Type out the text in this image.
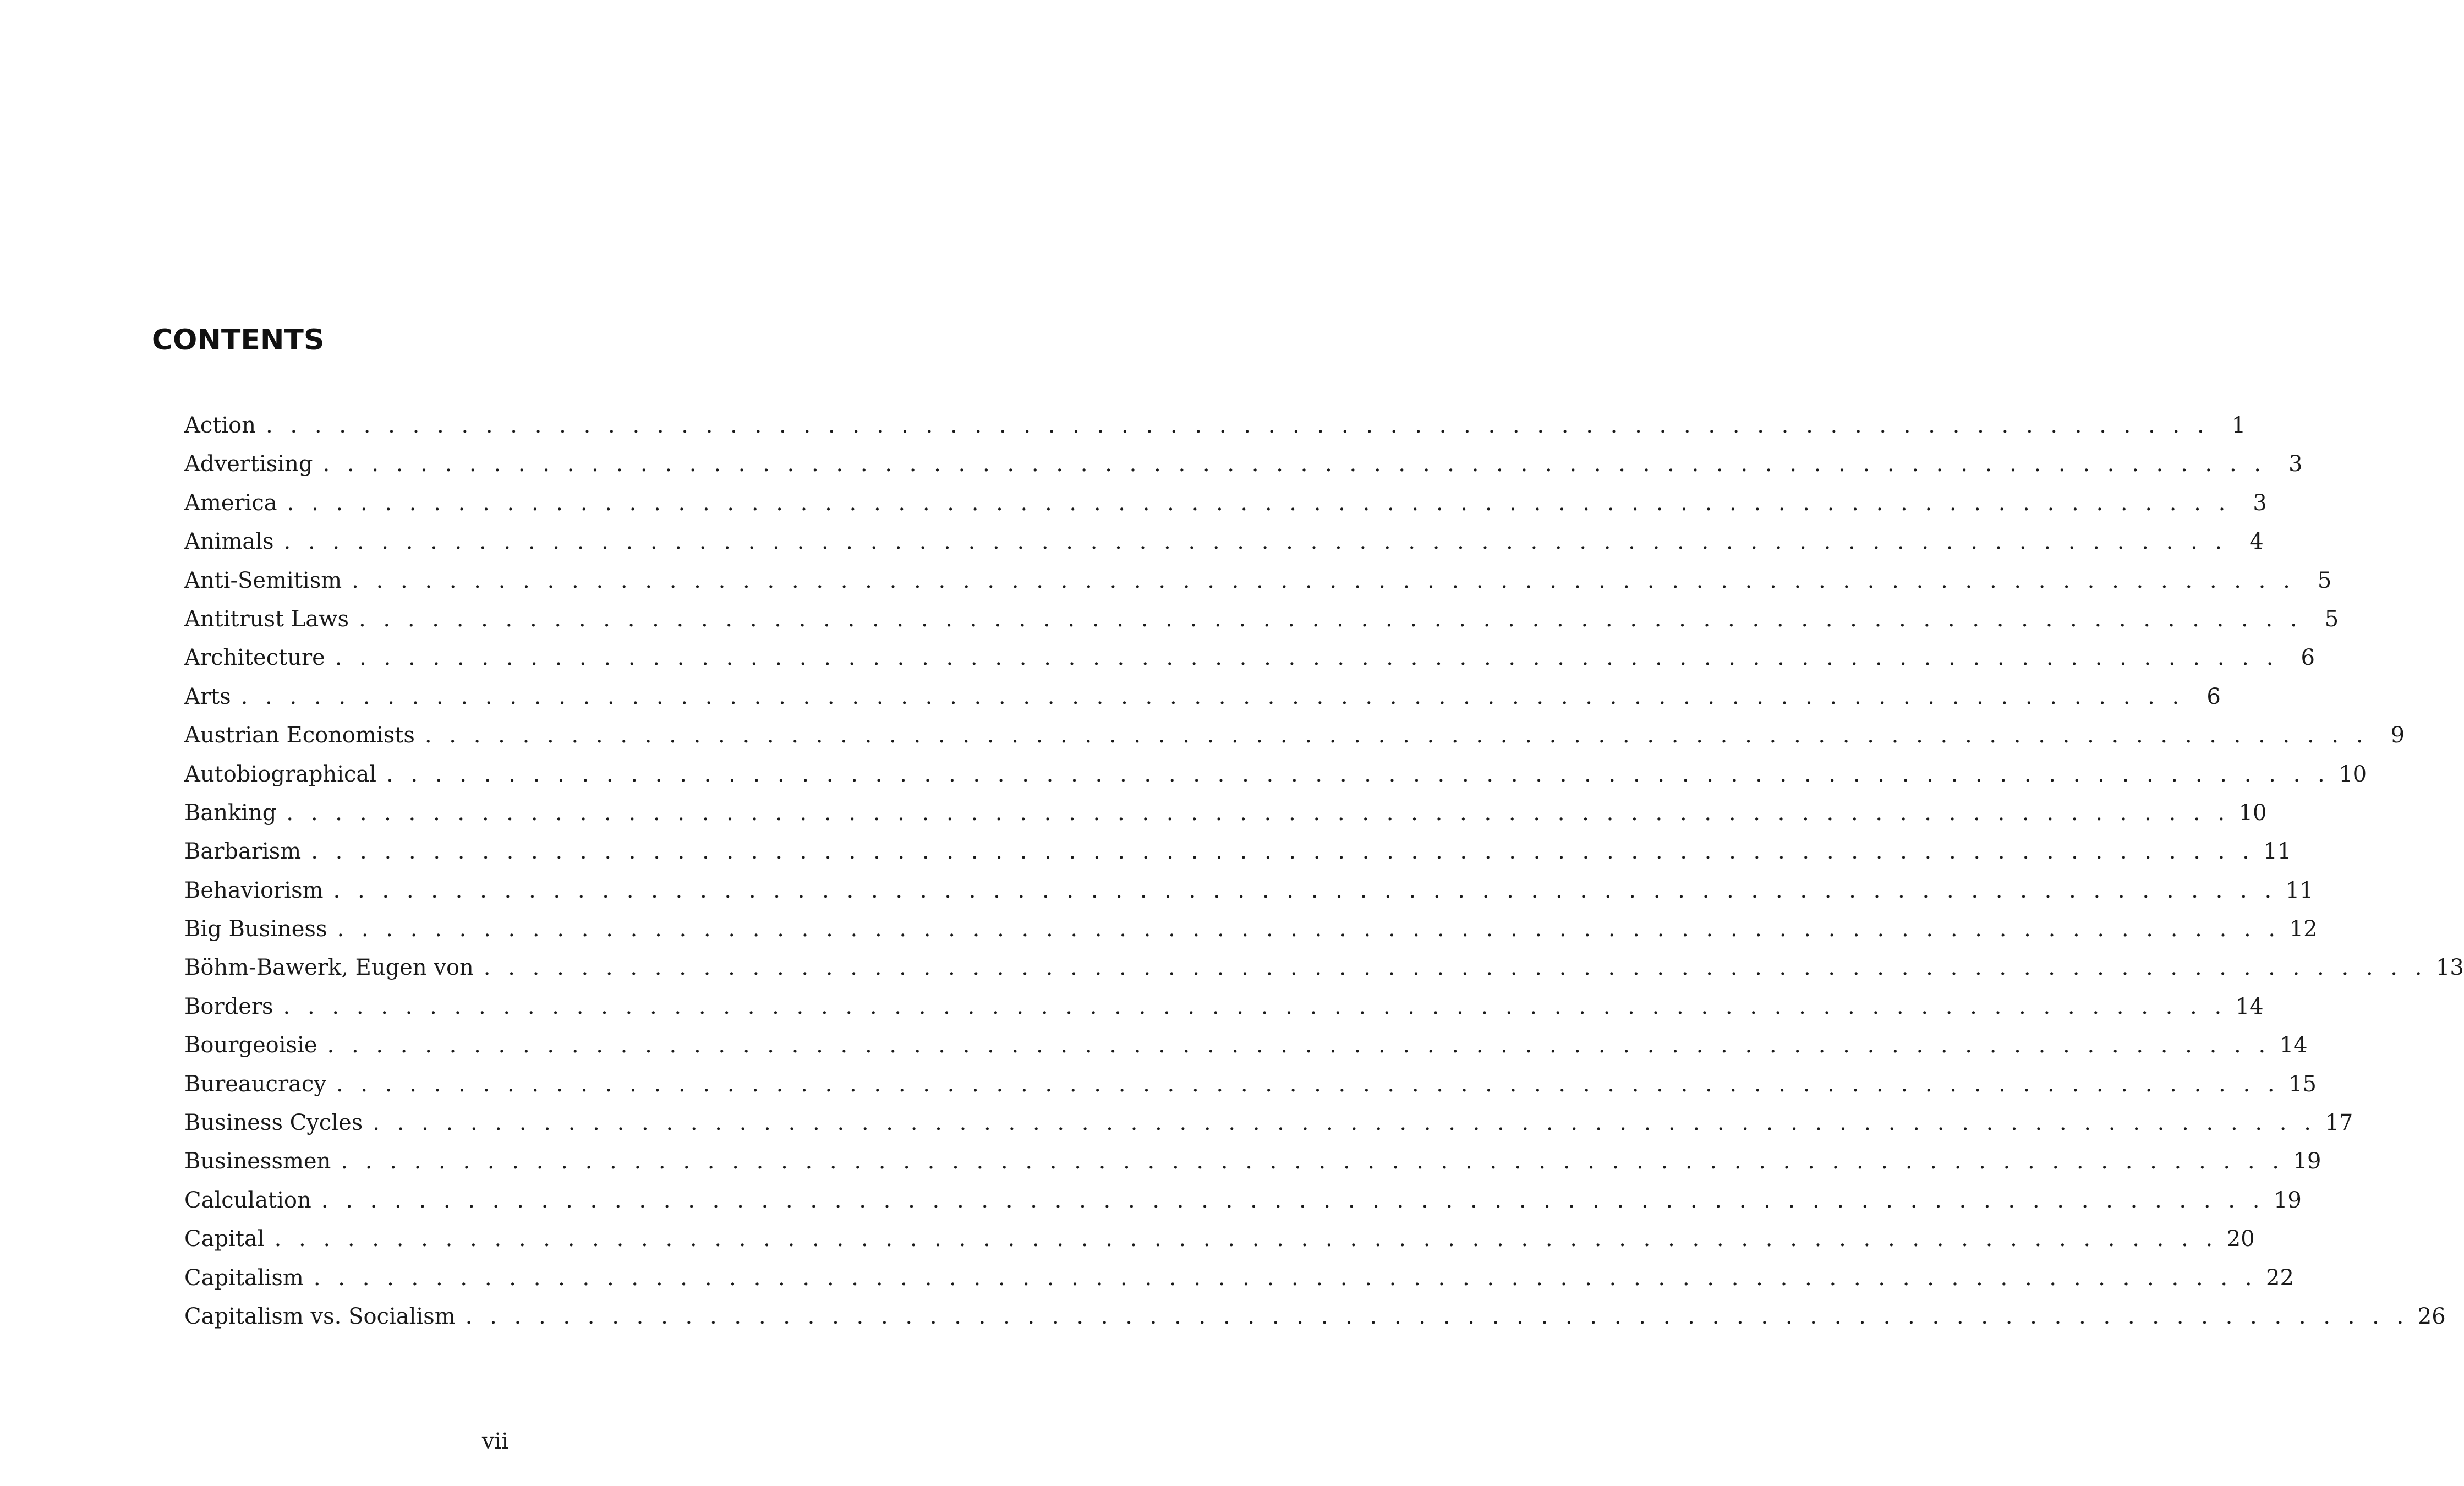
CONTENTS
Action . . . . . . . . . . . . . . . . . . . . . . . . . . . . . . . . . . . . . . . . . . . . . . . . . . . . . . . . . . . . . . . . . . . . . . . . . . . . . . . .	1
Advertising . . . . . . . . . . . . . . . . . . . . . . . . . . . . . . . . . . . . . . . . . . . . . . . . . . . . . . . . . . . . . . . . . . . . . . . . . . . . . . . .	3
America . . . . . . . . . . . . . . . . . . . . . . . . . . . . . . . . . . . . . . . . . . . . . . . . . . . . . . . . . . . . . . . . . . . . . . . . . . . . . . . .	3
Animals . . . . . . . . . . . . . . . . . . . . . . . . . . . . . . . . . . . . . . . . . . . . . . . . . . . . . . . . . . . . . . . . . . . . . . . . . . . . . . . .	4
Anti-Semitism . . . . . . . . . . . . . . . . . . . . . . . . . . . . . . . . . . . . . . . . . . . . . . . . . . . . . . . . . . . . . . . . . . . . . . . . . . . . . . . .	5
Antitrust Laws . . . . . . . . . . . . . . . . . . . . . . . . . . . . . . . . . . . . . . . . . . . . . . . . . . . . . . . . . . . . . . . . . . . . . . . . . . . . . . . .	5
Architecture . . . . . . . . . . . . . . . . . . . . . . . . . . . . . . . . . . . . . . . . . . . . . . . . . . . . . . . . . . . . . . . . . . . . . . . . . . . . . . . .	6
Arts . . . . . . . . . . . . . . . . . . . . . . . . . . . . . . . . . . . . . . . . . . . . . . . . . . . . . . . . . . . . . . . . . . . . . . . . . . . . . . . .	6
Austrian Economists . . . . . . . . . . . . . . . . . . . . . . . . . . . . . . . . . . . . . . . . . . . . . . . . . . . . . . . . . . . . . . . . . . . . . . . . . . . . . . . .	9
Autobiographical . . . . . . . . . . . . . . . . . . . . . . . . . . . . . . . . . . . . . . . . . . . . . . . . . . . . . . . . . . . . . . . . . . . . . . . . . . . . . . . . 10
Banking . . . . . . . . . . . . . . . . . . . . . . . . . . . . . . . . . . . . . . . . . . . . . . . . . . . . . . . . . . . . . . . . . . . . . . . . . . . . . . . . 10
Barbarism . . . . . . . . . . . . . . . . . . . . . . . . . . . . . . . . . . . . . . . . . . . . . . . . . . . . . . . . . . . . . . . . . . . . . . . . . . . . . . . . 11
Behaviorism . . . . . . . . . . . . . . . . . . . . . . . . . . . . . . . . . . . . . . . . . . . . . . . . . . . . . . . . . . . . . . . . . . . . . . . . . . . . . . . . 11
Big Business . . . . . . . . . . . . . . . . . . . . . . . . . . . . . . . . . . . . . . . . . . . . . . . . . . . . . . . . . . . . . . . . . . . . . . . . . . . . . . . . 12
Böhm-Bawerk, Eugen von . . . . . . . . . . . . . . . . . . . . . . . . . . . . . . . . . . . . . . . . . . . . . . . . . . . . . . . . . . . . . . . . . . . . . . . . . . . . . . . . 13
Borders . . . . . . . . . . . . . . . . . . . . . . . . . . . . . . . . . . . . . . . . . . . . . . . . . . . . . . . . . . . . . . . . . . . . . . . . . . . . . . . . 14
Bourgeoisie . . . . . . . . . . . . . . . . . . . . . . . . . . . . . . . . . . . . . . . . . . . . . . . . . . . . . . . . . . . . . . . . . . . . . . . . . . . . . . . . 14
Bureaucracy . . . . . . . . . . . . . . . . . . . . . . . . . . . . . . . . . . . . . . . . . . . . . . . . . . . . . . . . . . . . . . . . . . . . . . . . . . . . . . . . 15
Business Cycles . . . . . . . . . . . . . . . . . . . . . . . . . . . . . . . . . . . . . . . . . . . . . . . . . . . . . . . . . . . . . . . . . . . . . . . . . . . . . . . . 17
Businessmen . . . . . . . . . . . . . . . . . . . . . . . . . . . . . . . . . . . . . . . . . . . . . . . . . . . . . . . . . . . . . . . . . . . . . . . . . . . . . . . . 19
Calculation . . . . . . . . . . . . . . . . . . . . . . . . . . . . . . . . . . . . . . . . . . . . . . . . . . . . . . . . . . . . . . . . . . . . . . . . . . . . . . . . 19
Capital . . . . . . . . . . . . . . . . . . . . . . . . . . . . . . . . . . . . . . . . . . . . . . . . . . . . . . . . . . . . . . . . . . . . . . . . . . . . . . . . 20
Capitalism . . . . . . . . . . . . . . . . . . . . . . . . . . . . . . . . . . . . . . . . . . . . . . . . . . . . . . . . . . . . . . . . . . . . . . . . . . . . . . . . 22
Capitalism vs. Socialism . . . . . . . . . . . . . . . . . . . . . . . . . . . . . . . . . . . . . . . . . . . . . . . . . . . . . . . . . . . . . . . . . . . . . . . . . . . . . . . . 26
vii
